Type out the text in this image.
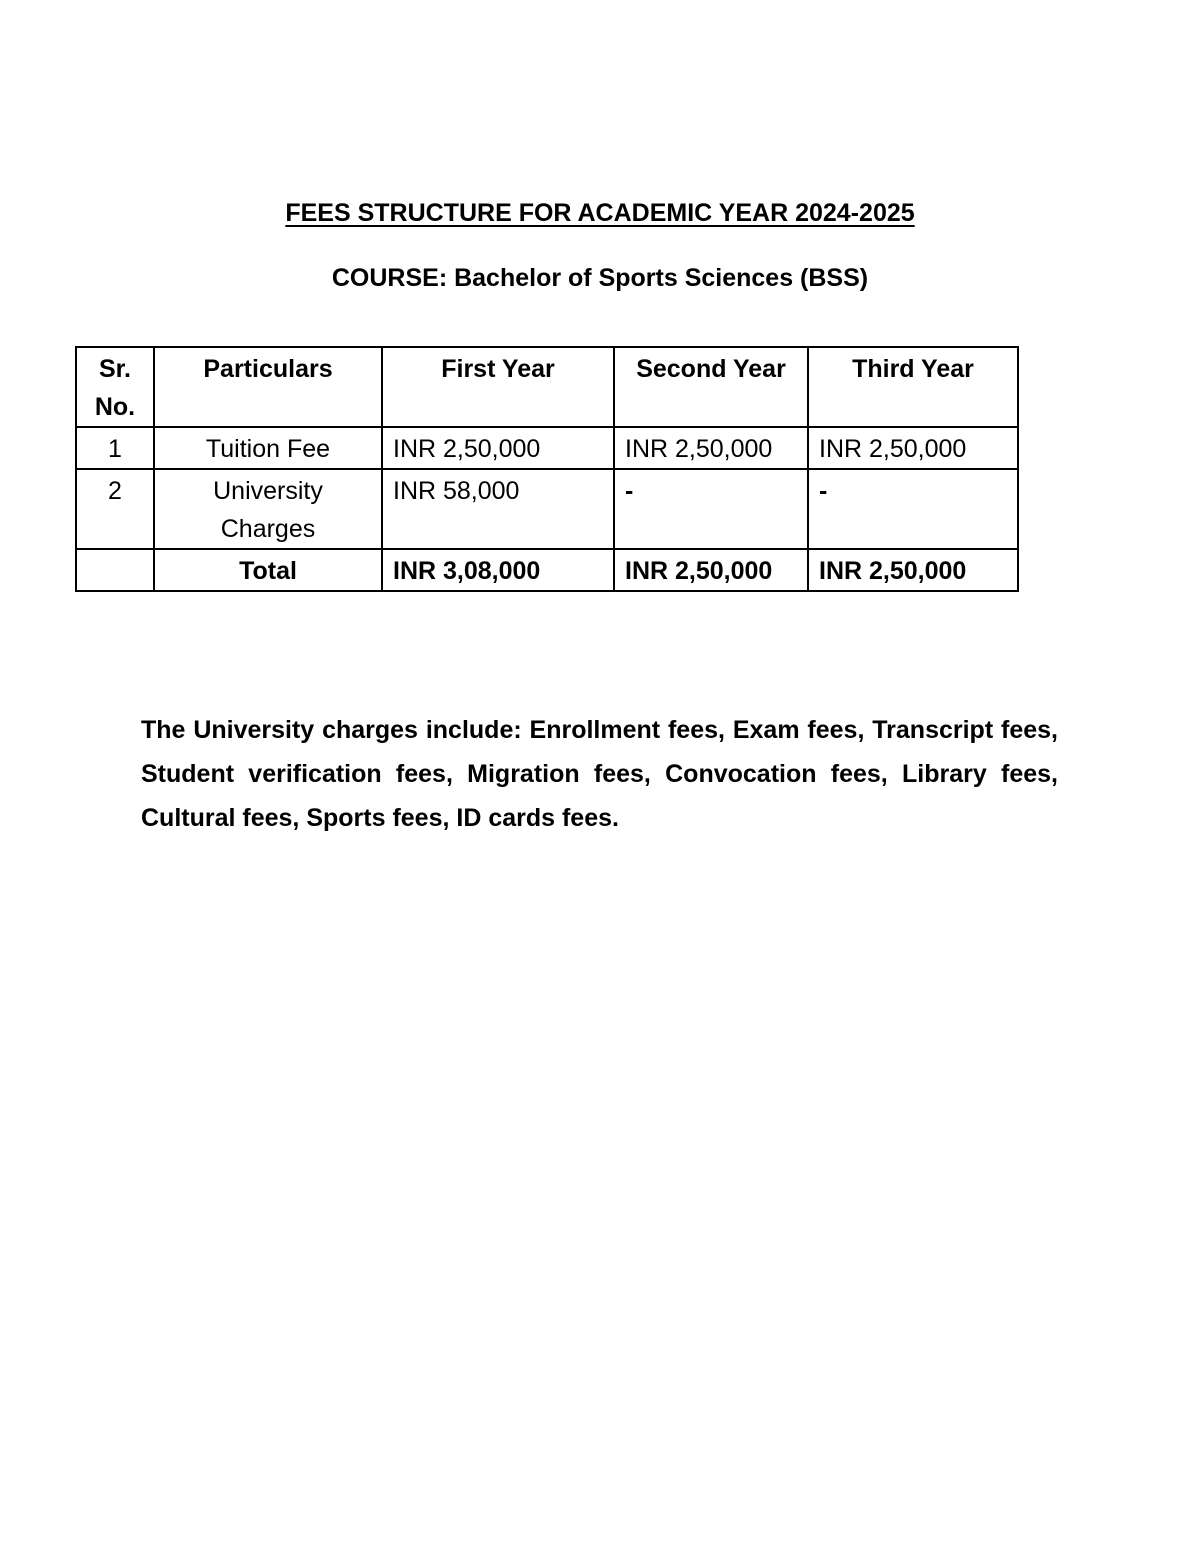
FEES STRUCTURE FOR ACADEMIC YEAR 2024-2025
COURSE: Bachelor of Sports Sciences (BSS)
Sr. No.	Particulars	First Year	Second Year	Third Year
1	Tuition Fee	INR 2,50,000	INR 2,50,000	INR 2,50,000
2	University Charges	INR 58,000	-	-
	Total	INR 3,08,000	INR 2,50,000	INR 2,50,000
The University charges include: Enrollment fees, Exam fees, Transcript fees, Student verification fees, Migration fees, Convocation fees, Library fees, Cultural fees, Sports fees, ID cards fees.
